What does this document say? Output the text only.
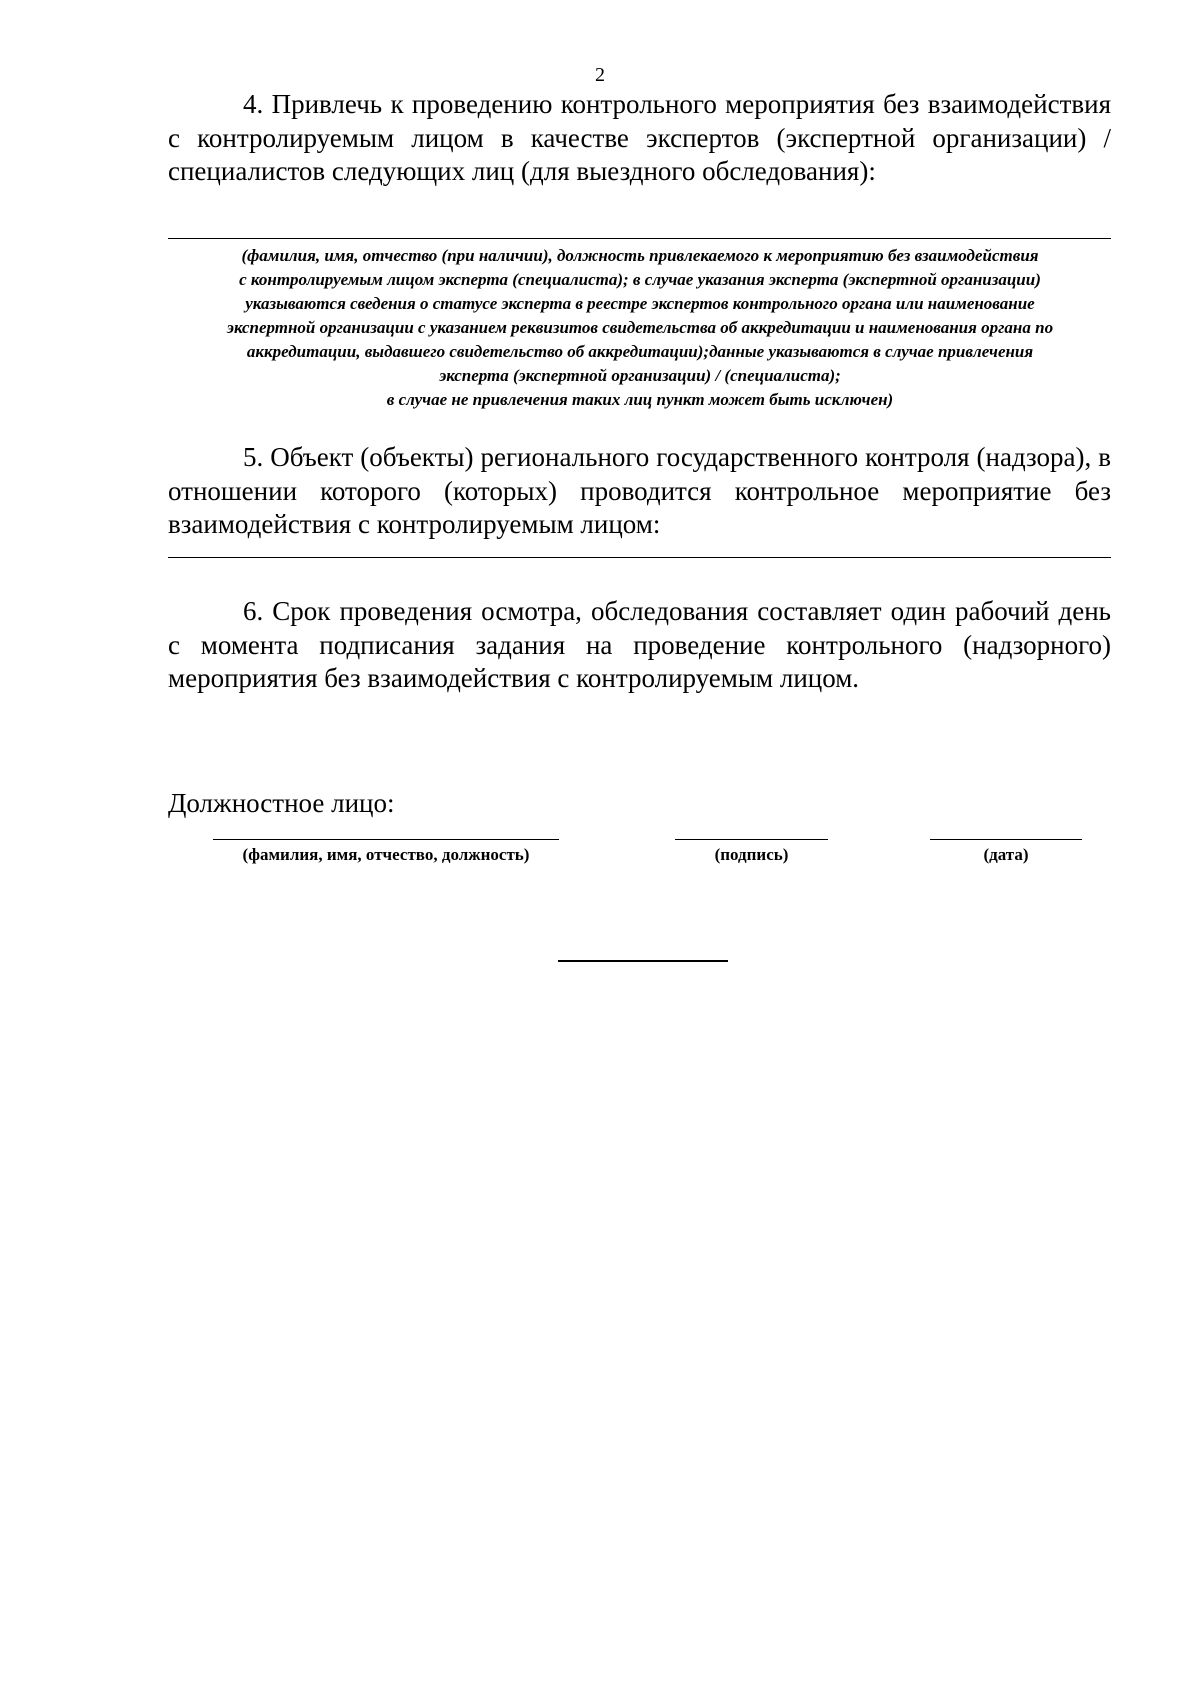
2

4. Привлечь к проведению контрольного мероприятия без взаимодействия с контролируемым лицом в качестве экспертов (экспертной организации) / специалистов следующих лиц (для выездного обследования):

(фамилия, имя, отчество (при наличии), должность привлекаемого к мероприятию без взаимодействия
с контролируемым лицом эксперта (специалиста); в случае указания эксперта (экспертной организации)
указываются сведения о статусе эксперта в реестре экспертов контрольного органа или наименование
экспертной организации с указанием реквизитов свидетельства об аккредитации и наименования органа по
аккредитации, выдавшего свидетельство об аккредитации);данные указываются в случае привлечения
эксперта (экспертной организации) / (специалиста);
в случае не привлечения таких лиц пункт может быть исключен)

5. Объект (объекты) регионального государственного контроля (надзора), в отношении которого (которых) проводится контрольное мероприятие без взаимодействия с контролируемым лицом:

6. Срок проведения осмотра, обследования составляет один рабочий день с момента подписания задания на проведение контрольного (надзорного) мероприятия без взаимодействия с контролируемым лицом.

Должностное лицо:
(фамилия, имя, отчество, должность)	(подпись)	(дата)
